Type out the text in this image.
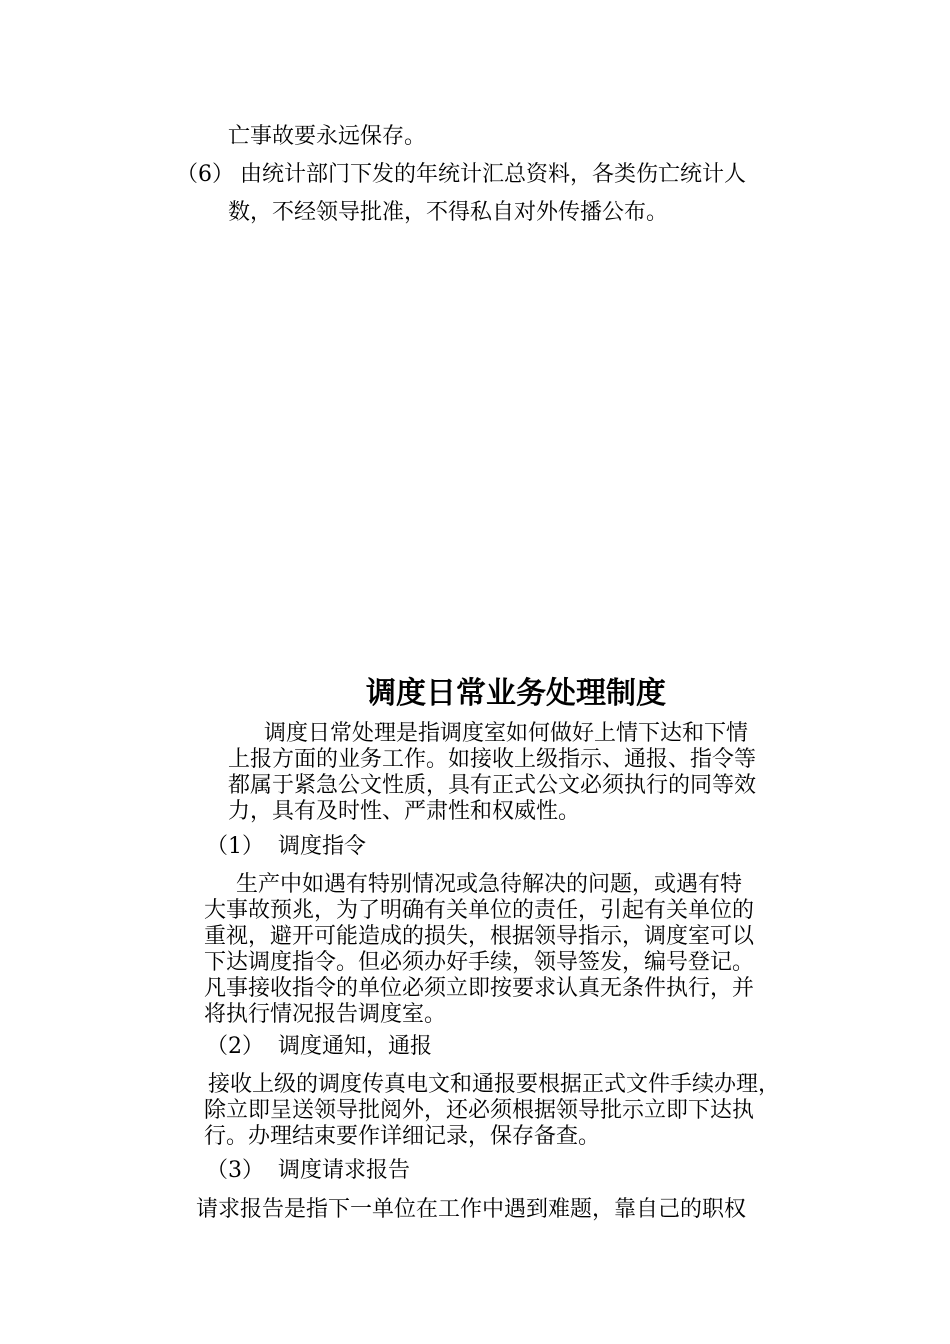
亡事故要永远保存。
（6） 由统计部门下发的年统计汇总资料，各类伤亡统计人
数，不经领导批准，不得私自对外传播公布。
调度日常业务处理制度
调度日常处理是指调度室如何做好上情下达和下情
上报方面的业务工作。如接收上级指示、通报、指令等
都属于紧急公文性质，具有正式公文必须执行的同等效
力，具有及时性、严肃性和权威性。
（1） 调度指令
生产中如遇有特别情况或急待解决的问题，或遇有特
大事故预兆，为了明确有关单位的责任，引起有关单位的
重视，避开可能造成的损失，根据领导指示，调度室可以
下达调度指令。但必须办好手续，领导签发，编号登记。
凡事接收指令的单位必须立即按要求认真无条件执行，并
将执行情况报告调度室。
（2） 调度通知，通报
接收上级的调度传真电文和通报要根据正式文件手续办理，
除立即呈送领导批阅外，还必须根据领导批示立即下达执
行。办理结束要作详细记录，保存备查。
（3） 调度请求报告
请求报告是指下一单位在工作中遇到难题，靠自己的职权
